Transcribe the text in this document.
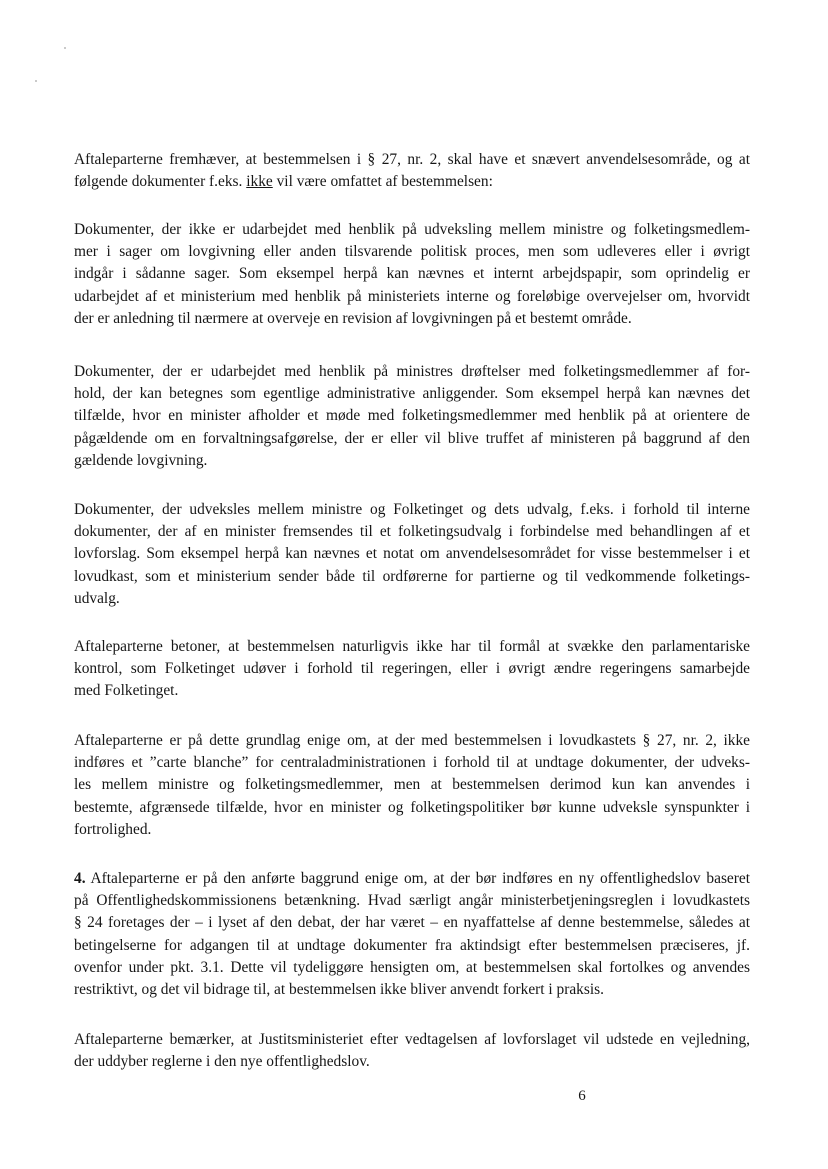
Aftaleparterne fremhæver, at bestemmelsen i § 27, nr. 2, skal have et snævert anvendelsesområde, og at
følgende dokumenter f.eks. ikke vil være omfattet af bestemmelsen:
Dokumenter, der ikke er udarbejdet med henblik på udveksling mellem ministre og folketingsmedlem-
mer i sager om lovgivning eller anden tilsvarende politisk proces, men som udleveres eller i øvrigt
indgår i sådanne sager. Som eksempel herpå kan nævnes et internt arbejdspapir, som oprindelig er
udarbejdet af et ministerium med henblik på ministeriets interne og foreløbige overvejelser om, hvorvidt
der er anledning til nærmere at overveje en revision af lovgivningen på et bestemt område.
Dokumenter, der er udarbejdet med henblik på ministres drøftelser med folketingsmedlemmer af for-
hold, der kan betegnes som egentlige administrative anliggender. Som eksempel herpå kan nævnes det
tilfælde, hvor en minister afholder et møde med folketingsmedlemmer med henblik på at orientere de
pågældende om en forvaltningsafgørelse, der er eller vil blive truffet af ministeren på baggrund af den
gældende lovgivning.
Dokumenter, der udveksles mellem ministre og Folketinget og dets udvalg, f.eks. i forhold til interne
dokumenter, der af en minister fremsendes til et folketingsudvalg i forbindelse med behandlingen af et
lovforslag. Som eksempel herpå kan nævnes et notat om anvendelsesområdet for visse bestemmelser i et
lovudkast, som et ministerium sender både til ordførerne for partierne og til vedkommende folketings-
udvalg.
Aftaleparterne betoner, at bestemmelsen naturligvis ikke har til formål at svække den parlamentariske
kontrol, som Folketinget udøver i forhold til regeringen, eller i øvrigt ændre regeringens samarbejde
med Folketinget.
Aftaleparterne er på dette grundlag enige om, at der med bestemmelsen i lovudkastets § 27, nr. 2, ikke
indføres et ”carte blanche” for centraladministrationen i forhold til at undtage dokumenter, der udveks-
les mellem ministre og folketingsmedlemmer, men at bestemmelsen derimod kun kan anvendes i
bestemte, afgrænsede tilfælde, hvor en minister og folketingspolitiker bør kunne udveksle synspunkter i
fortrolighed.
4. Aftaleparterne er på den anførte baggrund enige om, at der bør indføres en ny offentlighedslov baseret
på Offentlighedskommissionens betænkning. Hvad særligt angår ministerbetjeningsreglen i lovudkastets
§ 24 foretages der – i lyset af den debat, der har været – en nyaffattelse af denne bestemmelse, således at
betingelserne for adgangen til at undtage dokumenter fra aktindsigt efter bestemmelsen præciseres, jf.
ovenfor under pkt. 3.1. Dette vil tydeliggøre hensigten om, at bestemmelsen skal fortolkes og anvendes
restriktivt, og det vil bidrage til, at bestemmelsen ikke bliver anvendt forkert i praksis.
Aftaleparterne bemærker, at Justitsministeriet efter vedtagelsen af lovforslaget vil udstede en vejledning,
der uddyber reglerne i den nye offentlighedslov.
6
